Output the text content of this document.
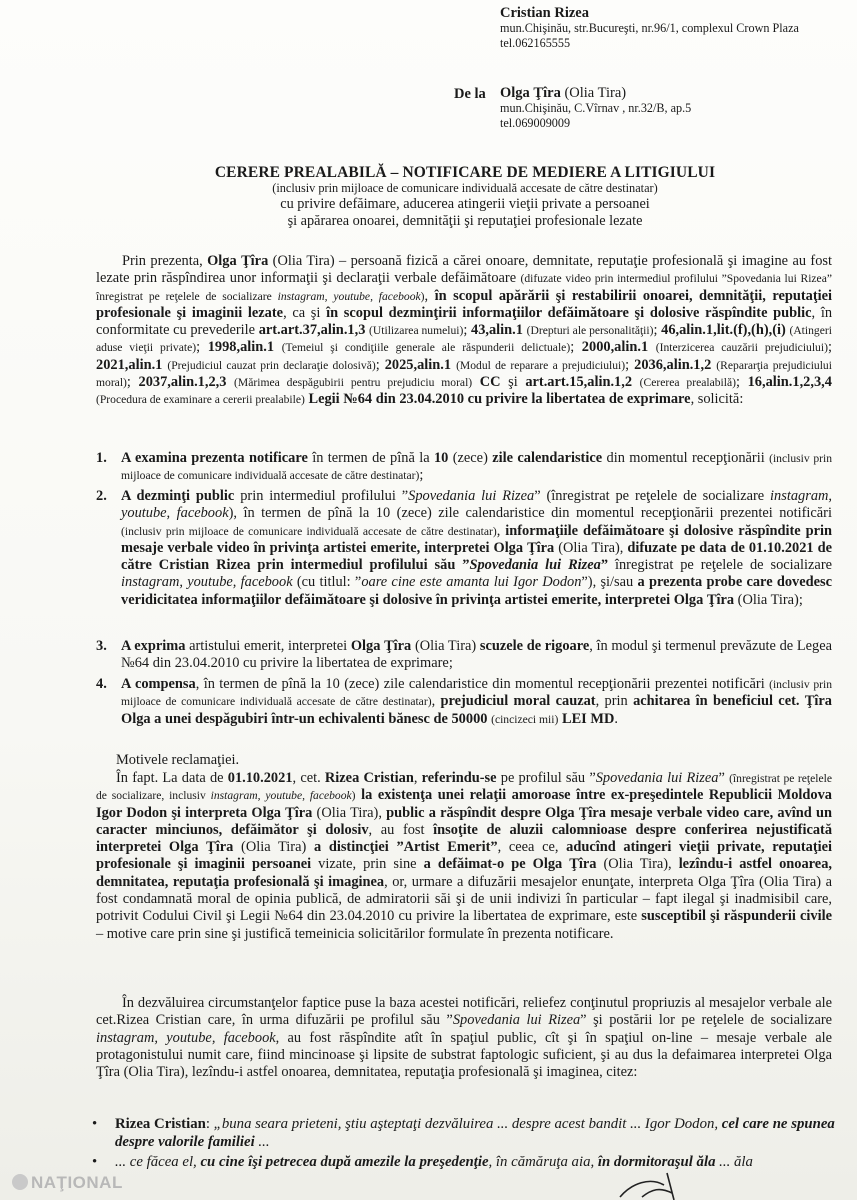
Cristian Rizea
mun.Chişinău, str.Bucureşti, nr.96/1, complexul Crown Plaza
tel.062165555
De la Olga Ţîra (Olia Tira)
mun.Chişinău, C.Vîrnav , nr.32/B, ap.5
tel.069009009
CERERE PREALABILĂ – NOTIFICARE DE MEDIERE A LITIGIULUI
(inclusiv prin mijloace de comunicare individuală accesate de către destinatar)
cu privire defăimare, aducerea atingerii vieţii private a persoanei
şi apărarea onoarei, demnităţii şi reputaţiei profesionale lezate
Prin prezenta, Olga Ţîra (Olia Tira) – persoană fizică a cărei onoare, demnitate, reputaţie profesională şi imagine au fost lezate prin răspîndirea unor informaţii şi declaraţii verbale defăimătoare (difuzate video prin intermediul profilului ”Spovedania lui Rizea” înregistrat pe reţelele de socializare instagram, youtube, facebook), în scopul apărării şi restabilirii onoarei, demnităţii, reputaţiei profesionale şi imaginii lezate, ca şi în scopul dezminţirii informaţiilor defăimătoare şi dolosive răspîndite public, în conformitate cu prevederile art.art.37,alin.1,3 (Utilizarea numelui); 43,alin.1 (Drepturi ale personalităţii); 46,alin.1,lit.(f),(h),(i) (Atingeri aduse vieţii private); 1998,alin.1 (Temeiul şi condiţiile generale ale răspunderii delictuale); 2000,alin.1 (Interzicerea cauzării prejudiciului); 2021,alin.1 (Prejudiciul cauzat prin declaraţie dolosivă); 2025,alin.1 (Modul de reparare a prejudiciului); 2036,alin.1,2 (Repararţia prejudiciului moral); 2037,alin.1,2,3 (Mărimea despăgubirii pentru prejudiciu moral) CC şi art.art.15,alin.1,2 (Cererea prealabilă); 16,alin.1,2,3,4 (Procedura de examinare a cererii prealabile) Legii №64 din 23.04.2010 cu privire la libertatea de exprimare, solicită:
1. A examina prezenta notificare în termen de pînă la 10 (zece) zile calendaristice din momentul recepţionării (inclusiv prin mijloace de comunicare individuală accesate de către destinatar);
2. A dezminţi public prin intermediul profilului ”Spovedania lui Rizea” (înregistrat pe reţelele de socializare instagram, youtube, facebook), în termen de pînă la 10 (zece) zile calendaristice din momentul recepţionării prezentei notificări (inclusiv prin mijloace de comunicare individuală accesate de către destinatar), informaţiile defăimătoare şi dolosive răspîndite prin mesaje verbale video în privinţa artistei emerite, interpretei Olga Ţîra (Olia Tira), difuzate pe data de 01.10.2021 de către Cristian Rizea prin intermediul profilului său ”Spovedania lui Rizea” înregistrat pe reţelele de socializare instagram, youtube, facebook (cu titlul: ”oare cine este amanta lui Igor Dodon”), şi/sau a prezenta probe care dovedesc veridicitatea informaţiilor defăimătoare şi dolosive în privinţa artistei emerite, interpretei Olga Ţîra (Olia Tira);
3. A exprima artistului emerit, interpretei Olga Ţîra (Olia Tira) scuzele de rigoare, în modul şi termenul prevăzute de Legea №64 din 23.04.2010 cu privire la libertatea de exprimare;
4. A compensa, în termen de pînă la 10 (zece) zile calendaristice din momentul recepţionării prezentei notificări (inclusiv prin mijloace de comunicare individuală accesate de către destinatar), prejudiciul moral cauzat, prin achitarea în beneficiul cet. Ţîra Olga a unei despăgubiri într-un echivalenti bănesc de 50000 (cincizeci mii) LEI MD.
Motivele reclamaţiei.
În fapt. La data de 01.10.2021, cet. Rizea Cristian, referindu-se pe profilul său ”Spovedania lui Rizea” (înregistrat pe reţelele de socializare, inclusiv instagram, youtube, facebook) la existenţa unei relaţii amoroase între ex-preşedintele Republicii Moldova Igor Dodon şi interpreta Olga Ţîra (Olia Tira), public a răspîndit despre Olga Ţîra mesaje verbale video care, avînd un caracter minciunos, defăimător şi dolosiv, au fost însoţite de aluzii calomnioase despre conferirea nejustificată interpretei Olga Ţîra (Olia Tira) a distincţiei ”Artist Emerit”, ceea ce, aducînd atingeri vieţii private, reputaţiei profesionale şi imaginii persoanei vizate, prin sine a defăimat-o pe Olga Ţîra (Olia Tira), lezîndu-i astfel onoarea, demnitatea, reputaţia profesională şi imaginea, or, urmare a difuzării mesajelor enunţate, interpreta Olga Ţîra (Olia Tira) a fost condamnată moral de opinia publică, de admiratorii săi şi de unii indivizi în particular – fapt ilegal şi inadmisibil care, potrivit Codului Civil şi Legii №64 din 23.04.2010 cu privire la libertatea de exprimare, este susceptibil şi răspunderii civile – motive care prin sine şi justifică temeinicia solicitărilor formulate în prezenta notificare.
În dezvăluirea circumstanţelor faptice puse la baza acestei notificări, reliefez conţinutul propriuzis al mesajelor verbale ale cet.Rizea Cristian care, în urma difuzării pe profilul său ”Spovedania lui Rizea” şi postării lor pe reţelele de socializare instagram, youtube, facebook, au fost răspîndite atît în spaţiul public, cît şi în spaţiul on-line – mesaje verbale ale protagonistului numit care, fiind mincinoase şi lipsite de substrat faptologic suficient, şi au dus la defaimarea interpretei Olga Ţîra (Olia Tira), lezîndu-i astfel onoarea, demnitatea, reputaţia profesională şi imaginea, citez:
• Rizea Cristian: „buna seara prieteni, ştiu aşteptaţi dezvăluirea ... despre acest bandit ... Igor Dodon, cel care ne spunea despre valorile familiei ...
• ... ce făcea el, cu cine îşi petrecea după amezile la preşedenţie, în cămăruţa aia, în dormitoraşul ăla ... ăla
NAŢIONAL
